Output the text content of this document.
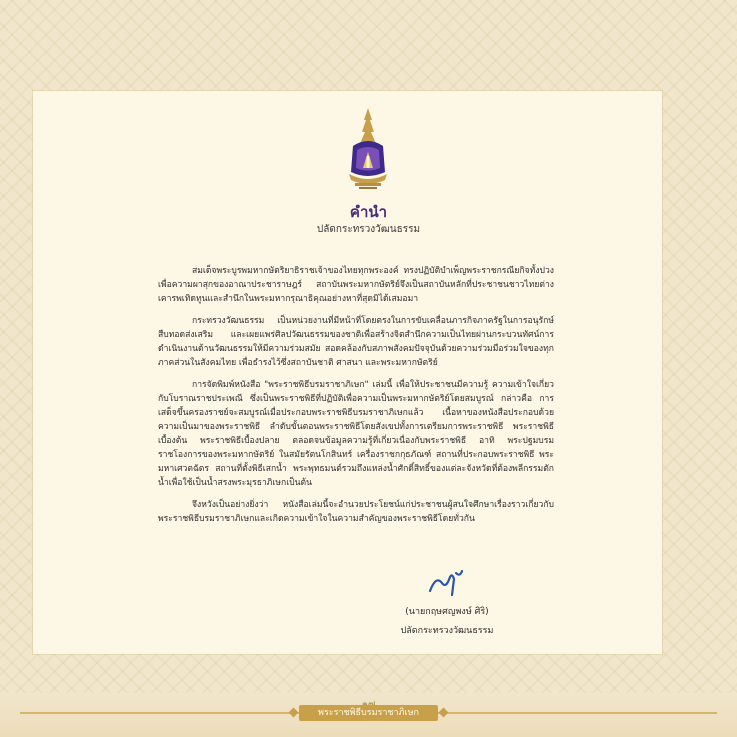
คำนำ
ปลัดกระทรวงวัฒนธรรม

สมเด็จพระบูรพมหากษัตริยาธิราชเจ้าของไทยทุกพระองค์ ทรงปฏิบัติบำเพ็ญพระราชกรณียกิจทั้งปวงเพื่อความผาสุกของอาณาประชาราษฎร์ สถาบันพระมหากษัตริย์จึงเป็นสถาบันหลักที่ประชาชนชาวไทยต่างเคารพเทิดทูนและสำนึกในพระมหากรุณาธิคุณอย่างหาที่สุดมิได้เสมอมา

กระทรวงวัฒนธรรม เป็นหน่วยงานที่มีหน้าที่โดยตรงในการขับเคลื่อนภารกิจภาครัฐในการอนุรักษ์ สืบทอดส่งเสริม และเผยแพร่ศิลปวัฒนธรรมของชาติเพื่อสร้างจิตสำนึกความเป็นไทยผ่านกระบวนทัศน์การดำเนินงานด้านวัฒนธรรมให้มีความร่วมสมัย สอดคล้องกับสภาพสังคมปัจจุบันด้วยความร่วมมือร่วมใจของทุกภาคส่วนในสังคมไทย เพื่อธำรงไว้ซึ่งสถาบันชาติ ศาสนา และพระมหากษัตริย์

การจัดพิมพ์หนังสือ "พระราชพิธีบรมราชาภิเษก" เล่มนี้ เพื่อให้ประชาชนมีความรู้ ความเข้าใจเกี่ยวกับโบราณราชประเพณี ซึ่งเป็นพระราชพิธีที่ปฏิบัติเพื่อความเป็นพระมหากษัตริย์โดยสมบูรณ์ กล่าวคือ การเสด็จขึ้นครองราชย์จะสมบูรณ์เมื่อประกอบพระราชพิธีบรมราชาภิเษกแล้ว เนื้อหาของหนังสือประกอบด้วย ความเป็นมาของพระราชพิธี ลำดับขั้นตอนพระราชพิธีโดยสังเขปทั้งการเตรียมการพระราชพิธี พระราชพิธีเบื้องต้น พระราชพิธีเบื้องปลาย ตลอดจนข้อมูลความรู้ที่เกี่ยวเนื่องกับพระราชพิธี อาทิ พระปฐมบรมราชโองการของพระมหากษัตริย์ ในสมัยรัตนโกสินทร์ เครื่องราชกกุธภัณฑ์ สถานที่ประกอบพระราชพิธี พระมหาเศวตฉัตร สถานที่ตั้งพิธีเสกน้ำ พระพุทธมนต์รวมถึงแหล่งน้ำศักดิ์สิทธิ์ของแต่ละจังหวัดที่ต้องพลีกรรมตักน้ำเพื่อใช้เป็นน้ำสรงพระมุรธาภิเษกเป็นต้น

จึงหวังเป็นอย่างยิ่งว่า หนังสือเล่มนี้จะอำนวยประโยชน์แก่ประชาชนผู้สนใจศึกษาเรื่องราวเกี่ยวกับพระราชพิธีบรมราชาภิเษกและเกิดความเข้าใจในความสำคัญของพระราชพิธีโดยทั่วกัน

(นายกฤษศญพงษ์ ศิริ)
ปลัดกระทรวงวัฒนธรรม
พระราชพิธีบรมราชาภิเษก
